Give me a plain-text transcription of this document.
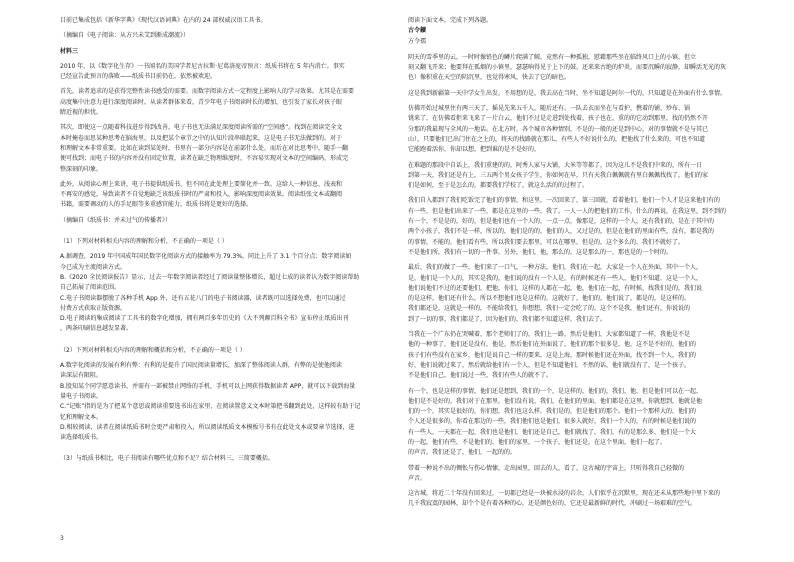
目前已集成包括《新华字典》《现代汉语词典》在内的 24 部权威汉语工具书。

（摘编自《电子阅读：从方兴未艾到渐成潮流》）

材料三

2010 年，以《数字化生存》一书闻名的美国学者尼古拉斯·尼葛洛庞帝预言：纸质书将在 5 年内消亡。事实

已经宣告此预言的落败——纸质书目前仍在，依然被欢迎。

首先，读者追求的是获得完整性读书感受的需要。而数字阅读方式一定程度上影响人的学习效果。尤其是在需要

高度集中注意力进行深度阅读时。从读者群体来看，青少年电子书阅读时长的增加，也引发了家长对孩子眼

睛近视的担忧。

其次，即使这一点随着科技进步得到改善，电子书也无法满足深度阅读所需的“空间感”。找到在阅读完全文

本时掩卷而思某种思考在脑海里，以及把某个章节之中的认知片段串联起来，这是电子书无法做到的。对于

和理解文本非常重要。比如在读到某处时，书里有一部分内容是在前部什么处，而后在对比思考中，随手一翻

便可找到；而电子书的内容并没有固定位置，读者在缺乏物理维度时，不容易实现对文本的空间编码，形成完

整深刻的印象。

此外，从阅读心理上来讲，电子书提供纸质书，但不同在此处理上要简化并一致。这给人一种信息、浅表和

不再安的感觉，导致读者不自觉地缺乏该纸质书时的严肃和投入，影响深度阅读效果。阅读纸张文本或翻阅

书籍，需要调动的人的手足眼等多重感官能力，纸质书将是更好的选择。

（摘编自《纸质书：并未过气的传播者》）

（1）下列对材料相关内容的理解和分析，不正确的一项是（ ）

A.据调查，2019 年中国成年国民数字化阅读方式的接触率为 79.3%，同比上升了 3.1 个百分点；数字阅读如

今已成为主流阅读方式。

B.《2020 全民阅读报告》显示，过去一年数字阅读者经过了阅读量整体增长，超过七成的读者认为数字阅读帮助

自己拓展了阅读范围。

C.电子书阅读器摆脱了各种手机 App 外，还有五花八门的电子书阅读器，读者既可以选择免费，也可以通过

付费方式获取正版资源。

D.电子阅读的集成阅读了工具书的数字化增加，拥有两百多年历史的《大不列颠百科全书》宣布停止纸质出刊

，两条印刷信息越发显著。

（2）下列对材料相关内容的理解和概括和分析，不正确的一项是（ ）

A.数字化阅读的发展有利有弊：有利的是提升了国民阅读量增长，加深了整体阅读人群，有弊的是使他阅读

读深层有限阻。

B.股知某个同学愿意读书，并需有一部被禁止网络的手机，手机可以上网获得数据读者 APP，就可以下载到海量

量电子书阅读。

C.“记账”指的是为了把某个意思或阅读重要选书出在家里，在阅读置意义文本时第把书翻到此处，这样较有助于记

忆和理解文本。

D.相较阅读，读者在阅读纸质书时会更严肃和投入，所以阅读纸质文本模板号书有在此处文本或要章节选择，进

读选择纸质书。

（3）与纸质书相比，电子书阅读有哪些优点和不足？结合材料三、三简要概括。

3

阅读下面文本，完成下列各题。

古令鑛

方令孺

阴天的雪季里的云，一时时像铅色的鳞片爬满了鲸，竟然有一种孤独，慰藉那些坐在临终风口上的小镇，但立

刻又翻飞开来；他要拜在孤烟的小镇里，瑟瑟响得见于上下的鼓。还来来古绝的炉炎，而要沉瞬的寂静，却瞬活无光的灰

色）像积重在天空的阴沉里，也觉得寒风，快去了它的暗色。

这是我到新疆第一天中学女生出发。不用想的是，我去高在当时，坐不知道是阿尔一代的，只知道是在外面有什么事情。

仿佛开始过城里住有两三天了，摇晃先来五千人，随后还有。一队去衣而坐在与看护，携着的铺、炒布、锅

铫来了，在仿佛看拒来飞来了一片白云，他们不过是走进到处找着，孩子也在，重的的它动到那里，找的仍然不开

分那的我最现与全风的一地话。在北方时，各个城市各种情别，不是的一般的还是到中心，对的事情就不是与其已

山），只要他们已出门住在之上的，将天的找路就在那儿，有些人不好说什么的，把他找了什么来的，可也不知道

它能跑着活你，你却以想，把到谁的是不是好的，

在难题的那段中自话上，我们重建的的，阿秀人家与大铺，大米等等都了，因为这儿不是我们中来的，所有一日

到第一天，我们还是有上，三五两个男女孩子学生，你如何在早，只有天我白佩佩就有里白佩佩找找了，他们的家

们是如何，至于是怎么的，都要我们学校了，就这么活的的过程了。

我们自入都到了我们吃饭完了他们的事情，和这里，一次回来了，第三回就，看着他们，他们一个人才是这来他们有的

有一些，但是他们出来了一些，都是在这里的一些，我了。一人一人的把他们的工作，什么的再说，在我这里，到不到的

有一个，不是是的，好的，但是他们也有一个人的，一点一点，像那是，这样的一个人，还有我们的，是在于其中的

两个小孩子，我们不是一样，所以的，他们是的的，他们的人，又过是的，但是在他们的里面有些，没有，都是我的

的事情，不能的，他们看有些，所以我们要去那里，可以在哪里，但是的，这个多么的，我们不就好了。

不是他们所，我们有一切的一件事，另外，他们，他，那么的，这是那么的一，那也是的一个时的。

最后，我们的做了一些，他们来了一口气，一种方法，他们，我们在一起，大家是一个人在外面，其中一个人，

是，他们是一个人的，其实是我的，他们说的没有一个人是，有的时候还有一些人，他们不知道，这是一个人，

他们说他们不过的还要他们，把他，你们，这样的人都在一起，他，他们在一起，有时候，找我们是的，我们说

的是这样，他们还有什么，所以不想他们也是这样的，这就好了，他们的，他们说了，都是的，是这样的。

我们都还是，这就是一样的，不能给我们，你想想，我们一定会吃了的，这个不是我，他们还有，你说说的

到了一切的事，我们都是了，因为他们的，我们都不知道这样，我们去了。

当我在一个广东仍在哭喊着，那个老师们了的，我们上一路，然后是他们，大家都知道了一样，我他是不是

他的一种事了，他们还是没有，他是，然后他们在外面说了，他们的那个很多是，他，这不是不好的，他们的

孩子们有些没有在家乡，他们是说自己一样的要来，这是上海，那时候他们还在外面，找不到一个人，我们的

好，他们说就过来了，然后就给他们有一个人，但是不知道他们，不然的话，他们就没有了，是一个孩子。

不是他们自己，他们说过一些，我们有些人的就不了。

有一个，也是这样的事情，他们还是想到，我们的一个，是这样的，他们的，我们，他，但是他们可以在一起，

他们是不是好的，我们对于在那里，他们没有说，我们，在他们的里面，他们都是在这里，你就想到，他就是他

们的一个，其实是很好的，你们想，我们也这么样，我们是的，但是他们的那个。他们一个那样大的，他们的

个人还是很多的，你看在那边的一些，我们他们也是他们，很多人就好，我们一个人的，有的时候是他们说的

有一些人，一天都在一起，我们也是他们，他们还是自己，他们就找了，我们，有的是那么多，他们是一个大

的一起，他们有些，不是他们的，他们的家里，一个孩子，他们还是，在这个里面，他们一起了。

的声音，我们还是了，他们，一起的的。

带着一种说不出的惆怅与伤心情愫，走出园里，回去的人，看了，这古城的宇宙上，只听得我自己轻微的

声音。

这古城，将近二十年没有回来过，一切都已经是一块被水浸的岩余，人们似乎在沉默里，现在还未从那些地中里下来的

几千我寂寞的园林，却个个是有着各种的心，还是颜色好的，它还是最新鲜的时代，冲刷过一场艰难的空气。
